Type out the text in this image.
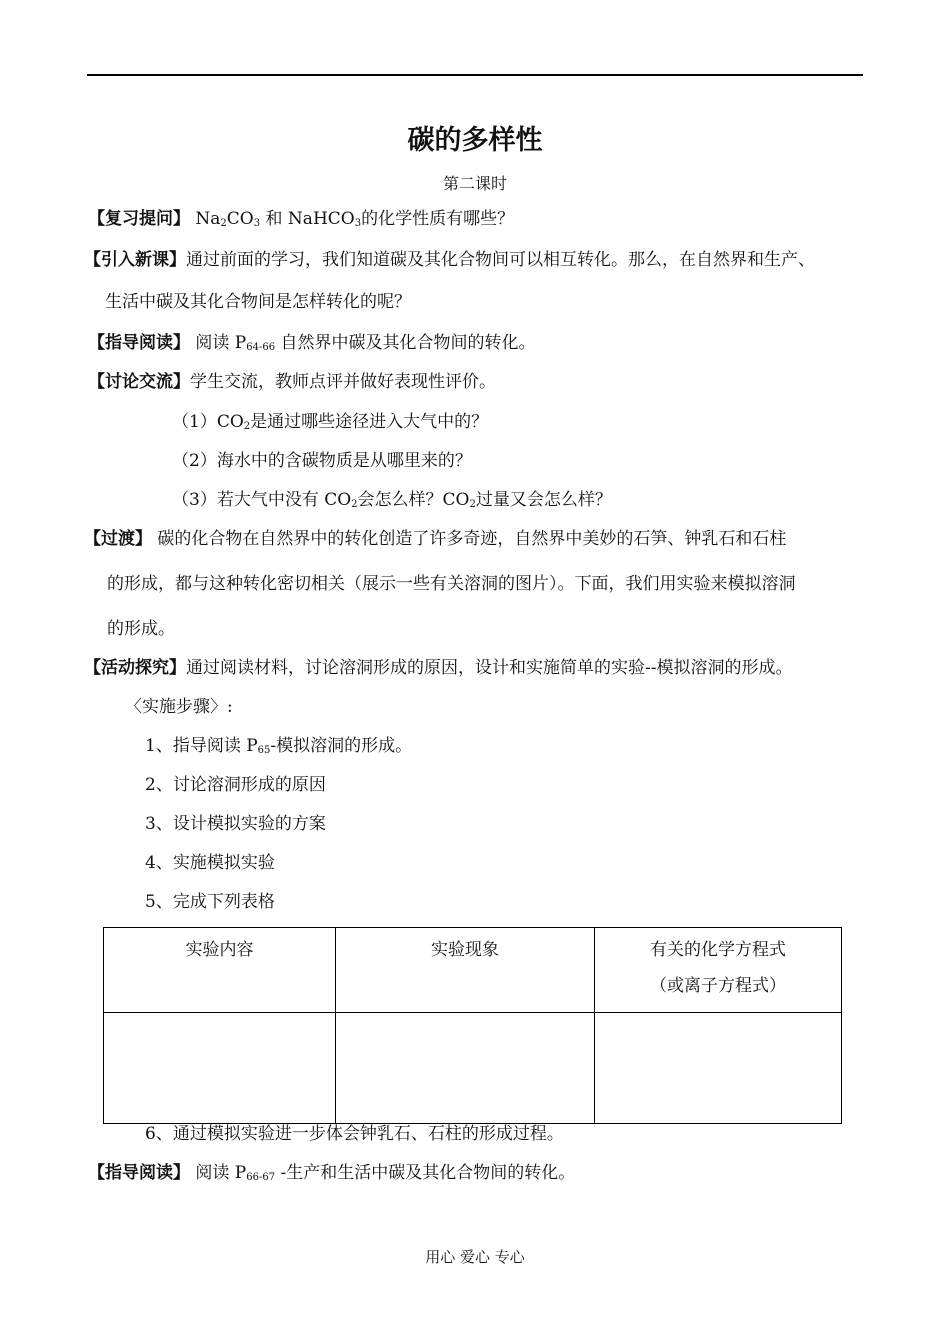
碳的多样性
第二课时
【复习提问】 $Na_2CO_3$ 和 NaHCO$_3$的化学性质有哪些？
【引入新课】通过前面的学习，我们知道碳及其化合物间可以相互转化。那么，在自然界和生产、
生活中碳及其化合物间是怎样转化的呢？
【指导阅读】 阅读 $P_{64-66}$ 自然界中碳及其化合物间的转化。
【讨论交流】学生交流，教师点评并做好表现性评价。
$(1)CO_2$是通过哪些途径进入大气中的？
（2）海水中的含碳物质是从哪里来的？
（3）若大气中没有 $CO_2$会怎么样？$CO_2$过量又会怎么样？
【过渡】 碳的化合物在自然界中的转化创造了许多奇迹，自然界中美妙的石笋、钟乳石和石柱
的形成，都与这种转化密切相关（展示一些有关溶洞的图片）。下面，我们用实验来模拟溶洞
的形成。
【活动探究】通过阅读材料，讨论溶洞形成的原因，设计和实施简单的实验--模拟溶洞的形成。
〈实施步骤〉:
1、指导阅读 $P_{65}-$模拟溶洞的形成。
2、讨论溶洞形成的原因
3、设计模拟实验的方案
4、实施模拟实验
5、完成下列表格
实验内容	实验现象	有关的化学方程式
（或离子方程式）

6、通过模拟实验进一步体会钟乳石、石柱的形成过程。
【指导阅读】 阅读 $P_{66-67}$ -生产和生活中碳及其化合物间的转化。
用心 爱心 专心
